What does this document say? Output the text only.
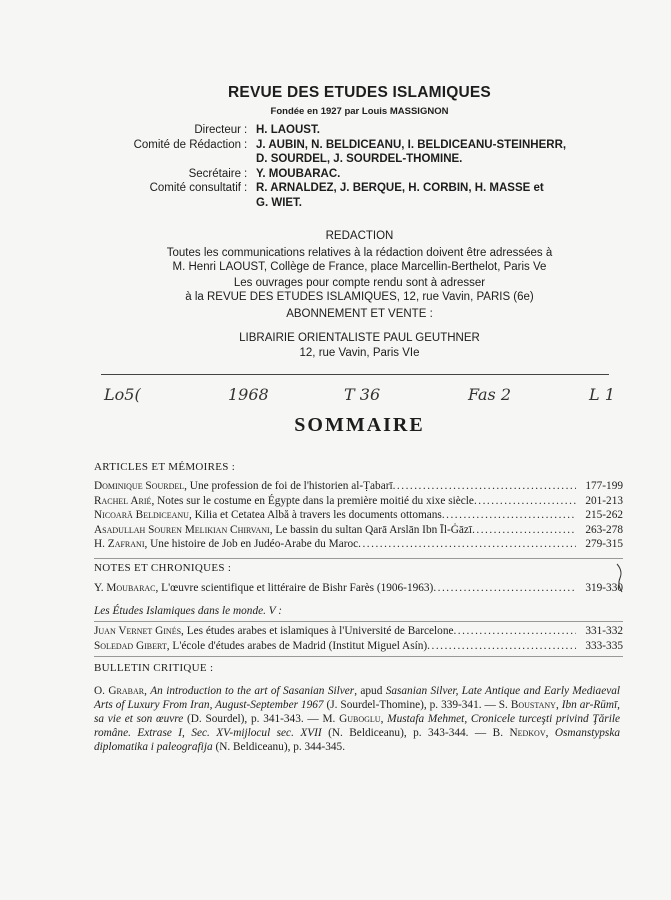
REVUE DES ETUDES ISLAMIQUES
Fondée en 1927 par Louis MASSIGNON
Directeur : H. LAOUST.
Comité de Rédaction : J. AUBIN, N. BELDICEANU, I. BELDICEANU-STEINHERR,
D. SOURDEL, J. SOURDEL-THOMINE.
Secrétaire : Y. MOUBARAC.
Comité consultatif : R. ARNALDEZ, J. BERQUE, H. CORBIN, H. MASSE et
G. WIET.
REDACTION
Toutes les communications relatives à la rédaction doivent être adressées à
M. Henri LAOUST, Collège de France, place Marcellin-Berthelot, Paris Ve
Les ouvrages pour compte rendu sont à adresser
à la REVUE DES ETUDES ISLAMIQUES, 12, rue Vavin, PARIS (6e)
ABONNEMENT ET VENTE :
LIBRAIRIE ORIENTALISTE PAUL GEUTHNER
12, rue Vavin, Paris VIe
Lo5(	1968	T 36	Fas 2	L 1
SOMMAIRE
ARTICLES ET MÉMOIRES :
Dominique Sourdel, Une profession de foi de l'historien al-Ṭabarī .....	177-199
Rachel Arié, Notes sur le costume en Égypte dans la première moitié du xixe siècle .....	201-213
Nicoară Beldiceanu, Kilia et Cetatea Albă à travers les documents ottomans .....	215-262
Asadullah Souren Melikian Chirvani, Le bassin du sultan Qarā Arslān Ibn Īl-Ġāzī .....	263-278
H. Zafrani, Une histoire de Job en Judéo-Arabe du Maroc .....	279-315
NOTES ET CHRONIQUES :
Y. Moubarac, L'œuvre scientifique et littéraire de Bishr Farès (1906-1963) .....	319-330
Les Études Islamiques dans le monde. V :
Juan Vernet Ginés, Les études arabes et islamiques à l'Université de Barcelone .....	331-332
Soledad Gibert, L'école d'études arabes de Madrid (Institut Miguel Asín) .....	333-335
BULLETIN CRITIQUE :
O. Grabar, An introduction to the art of Sasanian Silver, apud Sasanian Silver, Late Antique and Early Mediaeval Arts of Luxury From Iran, August-September 1967 (J. Sourdel-Thomine), p. 339-341. — S. Boustany, Ibn ar-Rūmī, sa vie et son œuvre (D. Sourdel), p. 341-343. — M. Guboglu, Mustafa Mehmet, Cronicele turceşti privind Ţările române. Extrase I, Sec. XV-mijlocul sec. XVII (N. Beldiceanu), p. 343-344. — B. Nedkov, Osmanstурska diplomatika i paleografija (N. Beldiceanu), p. 344-345.
